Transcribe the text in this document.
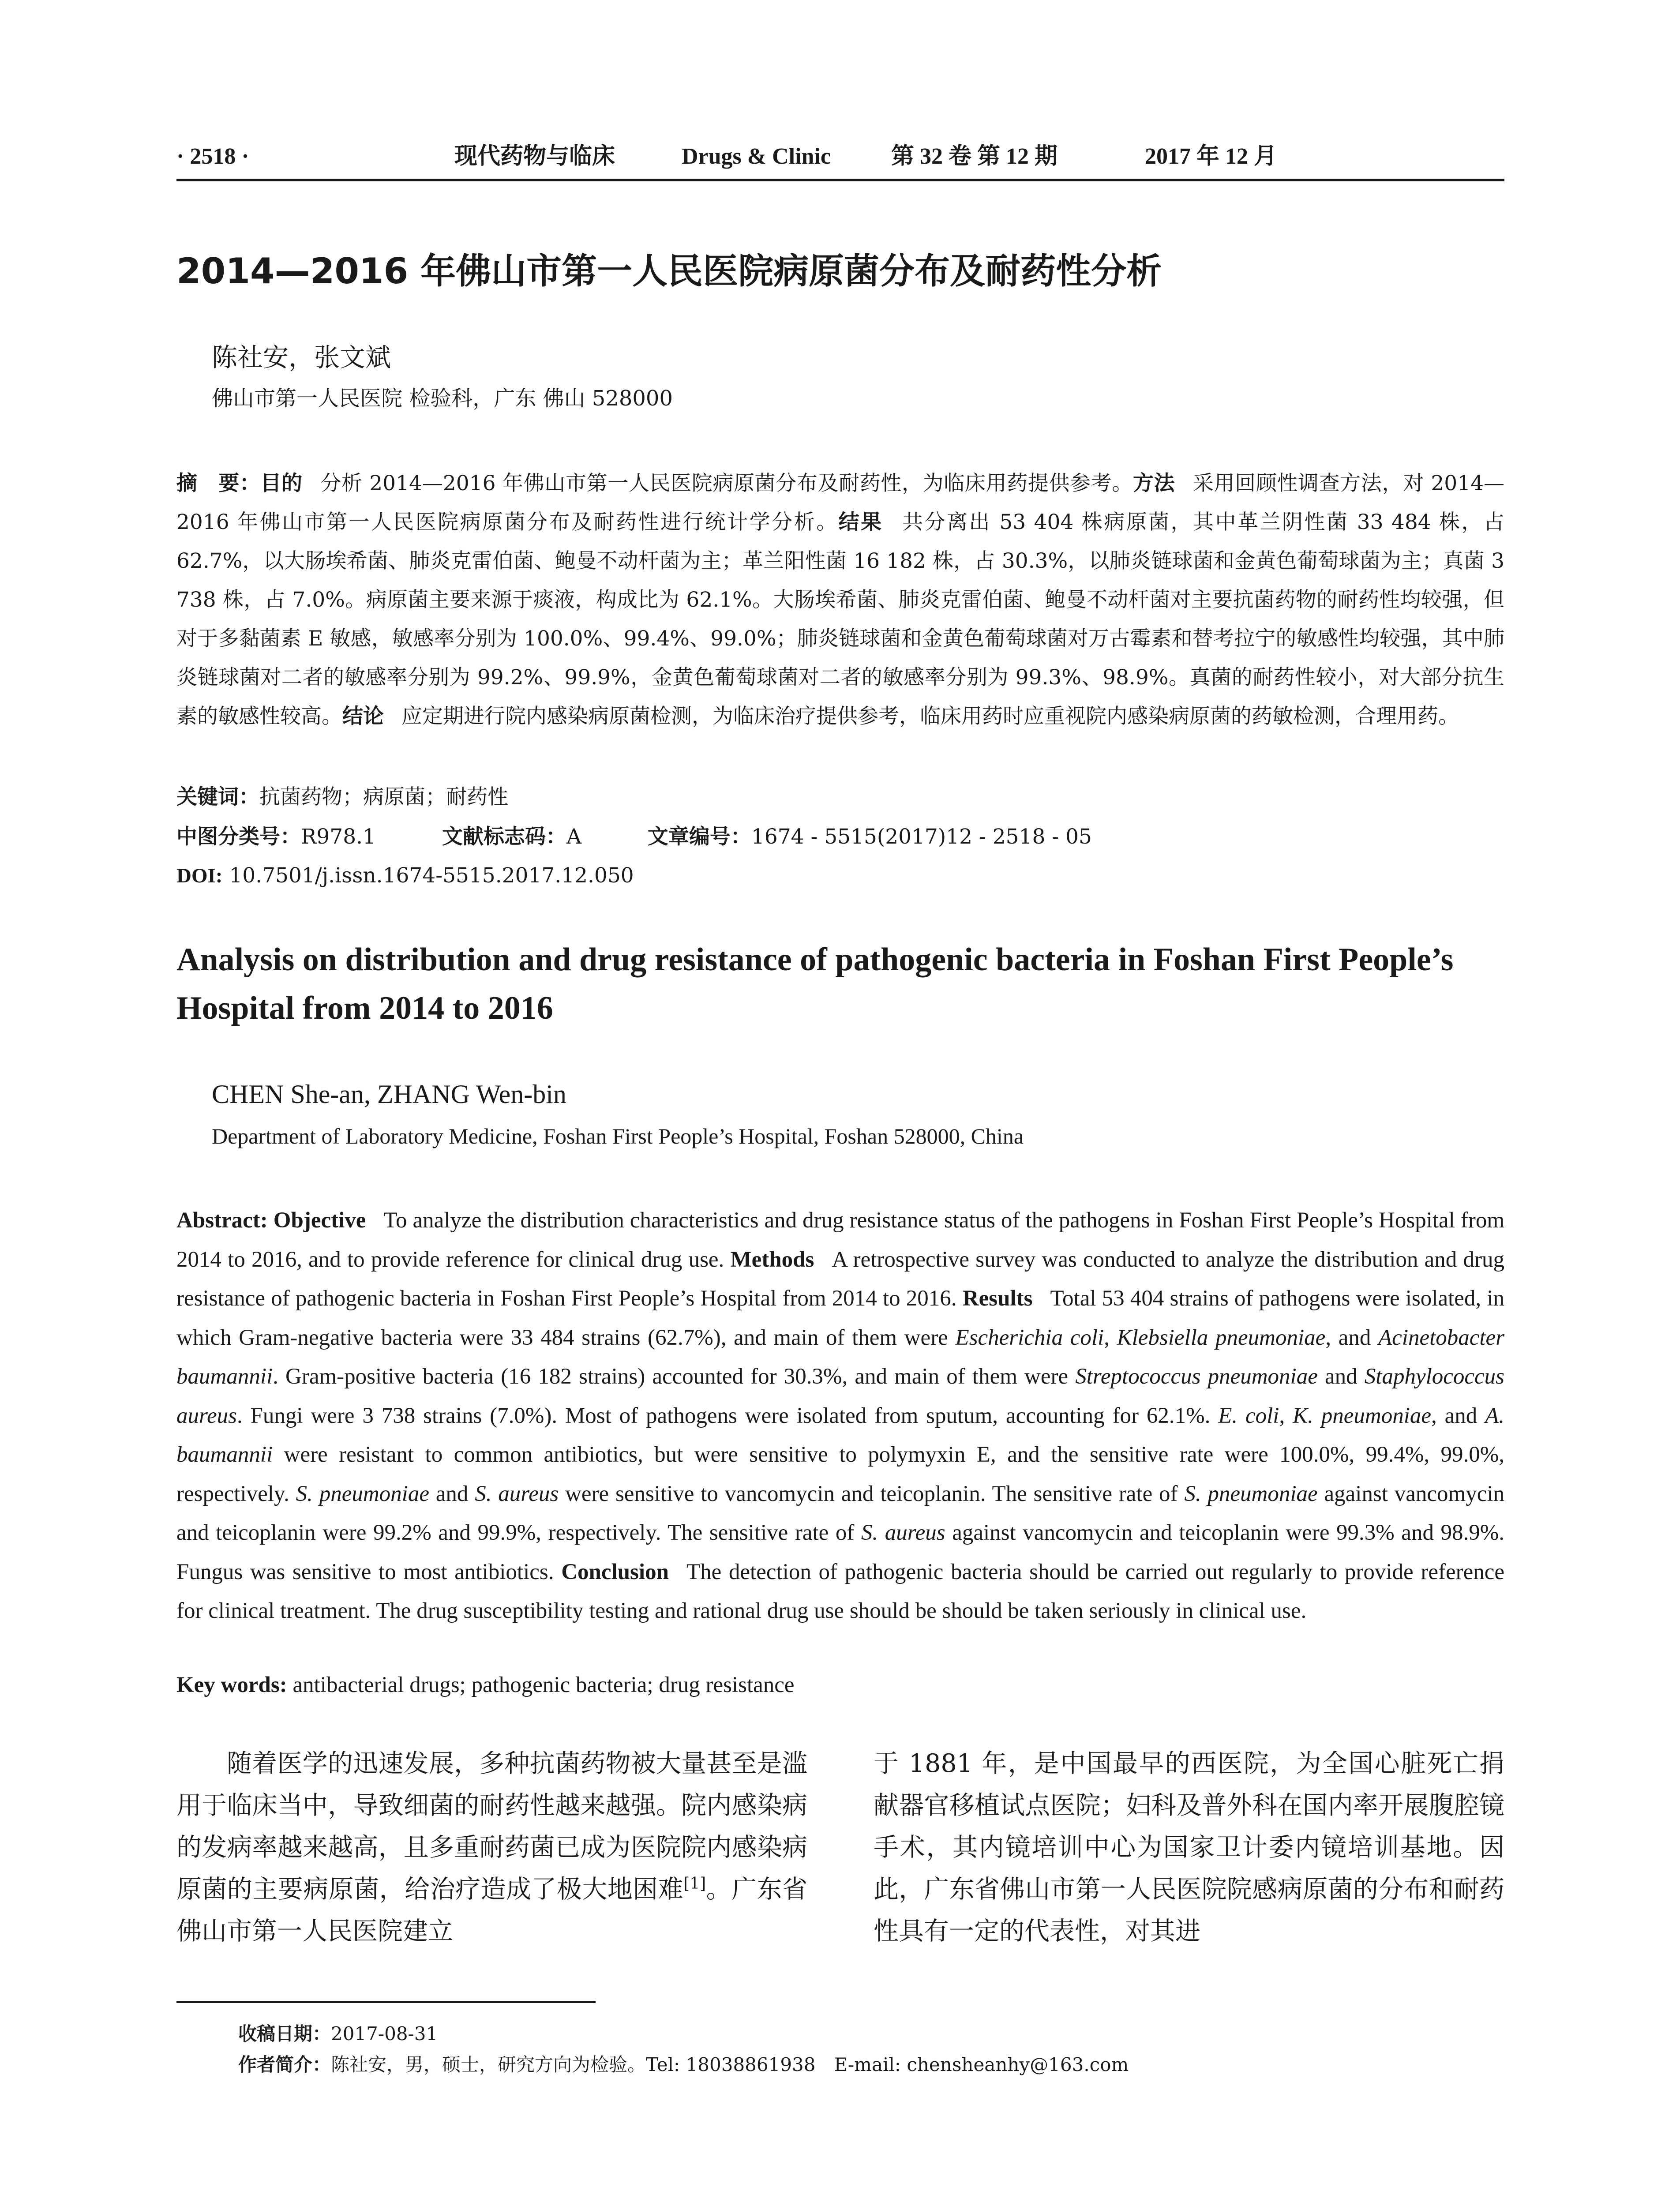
· 2518 ·	现代药物与临床	Drugs & Clinic	第 32 卷 第 12 期	2017 年 12 月
2014—2016 年佛山市第一人民医院病原菌分布及耐药性分析
陈社安，张文斌
佛山市第一人民医院 检验科，广东 佛山 528000
摘　要：目的 分析 2014—2016 年佛山市第一人民医院病原菌分布及耐药性，为临床用药提供参考。方法 采用回顾性调查方法，对 2014—2016 年佛山市第一人民医院病原菌分布及耐药性进行统计学分析。结果 共分离出 53 404 株病原菌，其中革兰阴性菌 33 484 株，占 62.7%，以大肠埃希菌、肺炎克雷伯菌、鲍曼不动杆菌为主；革兰阳性菌 16 182 株，占 30.3%，以肺炎链球菌和金黄色葡萄球菌为主；真菌 3 738 株，占 7.0%。病原菌主要来源于痰液，构成比为 62.1%。大肠埃希菌、肺炎克雷伯菌、鲍曼不动杆菌对主要抗菌药物的耐药性均较强，但对于多黏菌素 E 敏感，敏感率分别为 100.0%、99.4%、99.0%；肺炎链球菌和金黄色葡萄球菌对万古霉素和替考拉宁的敏感性均较强，其中肺炎链球菌对二者的敏感率分别为 99.2%、99.9%，金黄色葡萄球菌对二者的敏感率分别为 99.3%、98.9%。真菌的耐药性较小，对大部分抗生素的敏感性较高。结论 应定期进行院内感染病原菌检测，为临床治疗提供参考，临床用药时应重视院内感染病原菌的药敏检测，合理用药。
关键词：抗菌药物；病原菌；耐药性
中图分类号：R978.1	文献标志码：A	文章编号：1674 - 5515(2017)12 - 2518 - 05
DOI: 10.7501/j.issn.1674-5515.2017.12.050
Analysis on distribution and drug resistance of pathogenic bacteria in Foshan First People’s Hospital from 2014 to 2016
CHEN She-an, ZHANG Wen-bin
Department of Laboratory Medicine, Foshan First People’s Hospital, Foshan 528000, China
Abstract: Objective To analyze the distribution characteristics and drug resistance status of the pathogens in Foshan First People’s Hospital from 2014 to 2016, and to provide reference for clinical drug use. Methods A retrospective survey was conducted to analyze the distribution and drug resistance of pathogenic bacteria in Foshan First People’s Hospital from 2014 to 2016. Results Total 53 404 strains of pathogens were isolated, in which Gram-negative bacteria were 33 484 strains (62.7%), and main of them were Escherichia coli, Klebsiella pneumoniae, and Acinetobacter baumannii. Gram-positive bacteria (16 182 strains) accounted for 30.3%, and main of them were Streptococcus pneumoniae and Staphylococcus aureus. Fungi were 3 738 strains (7.0%). Most of pathogens were isolated from sputum, accounting for 62.1%. E. coli, K. pneumoniae, and A. baumannii were resistant to common antibiotics, but were sensitive to polymyxin E, and the sensitive rate were 100.0%, 99.4%, 99.0%, respectively. S. pneumoniae and S. aureus were sensitive to vancomycin and teicoplanin. The sensitive rate of S. pneumoniae against vancomycin and teicoplanin were 99.2% and 99.9%, respectively. The sensitive rate of S. aureus against vancomycin and teicoplanin were 99.3% and 98.9%. Fungus was sensitive to most antibiotics. Conclusion The detection of pathogenic bacteria should be carried out regularly to provide reference for clinical treatment. The drug susceptibility testing and rational drug use should be should be taken seriously in clinical use.
Key words: antibacterial drugs; pathogenic bacteria; drug resistance
随着医学的迅速发展，多种抗菌药物被大量甚至是滥用于临床当中，导致细菌的耐药性越来越强。院内感染病的发病率越来越高，且多重耐药菌已成为医院院内感染病原菌的主要病原菌，给治疗造成了极大地困难[1]。广东省佛山市第一人民医院建立
于 1881 年，是中国最早的西医院，为全国心脏死亡捐献器官移植试点医院；妇科及普外科在国内率开展腹腔镜手术，其内镜培训中心为国家卫计委内镜培训基地。因此，广东省佛山市第一人民医院院感病原菌的分布和耐药性具有一定的代表性，对其进
收稿日期：2017-08-31
作者简介：陈社安，男，硕士，研究方向为检验。Tel: 18038861938　E-mail: chensheanhy@163.com
